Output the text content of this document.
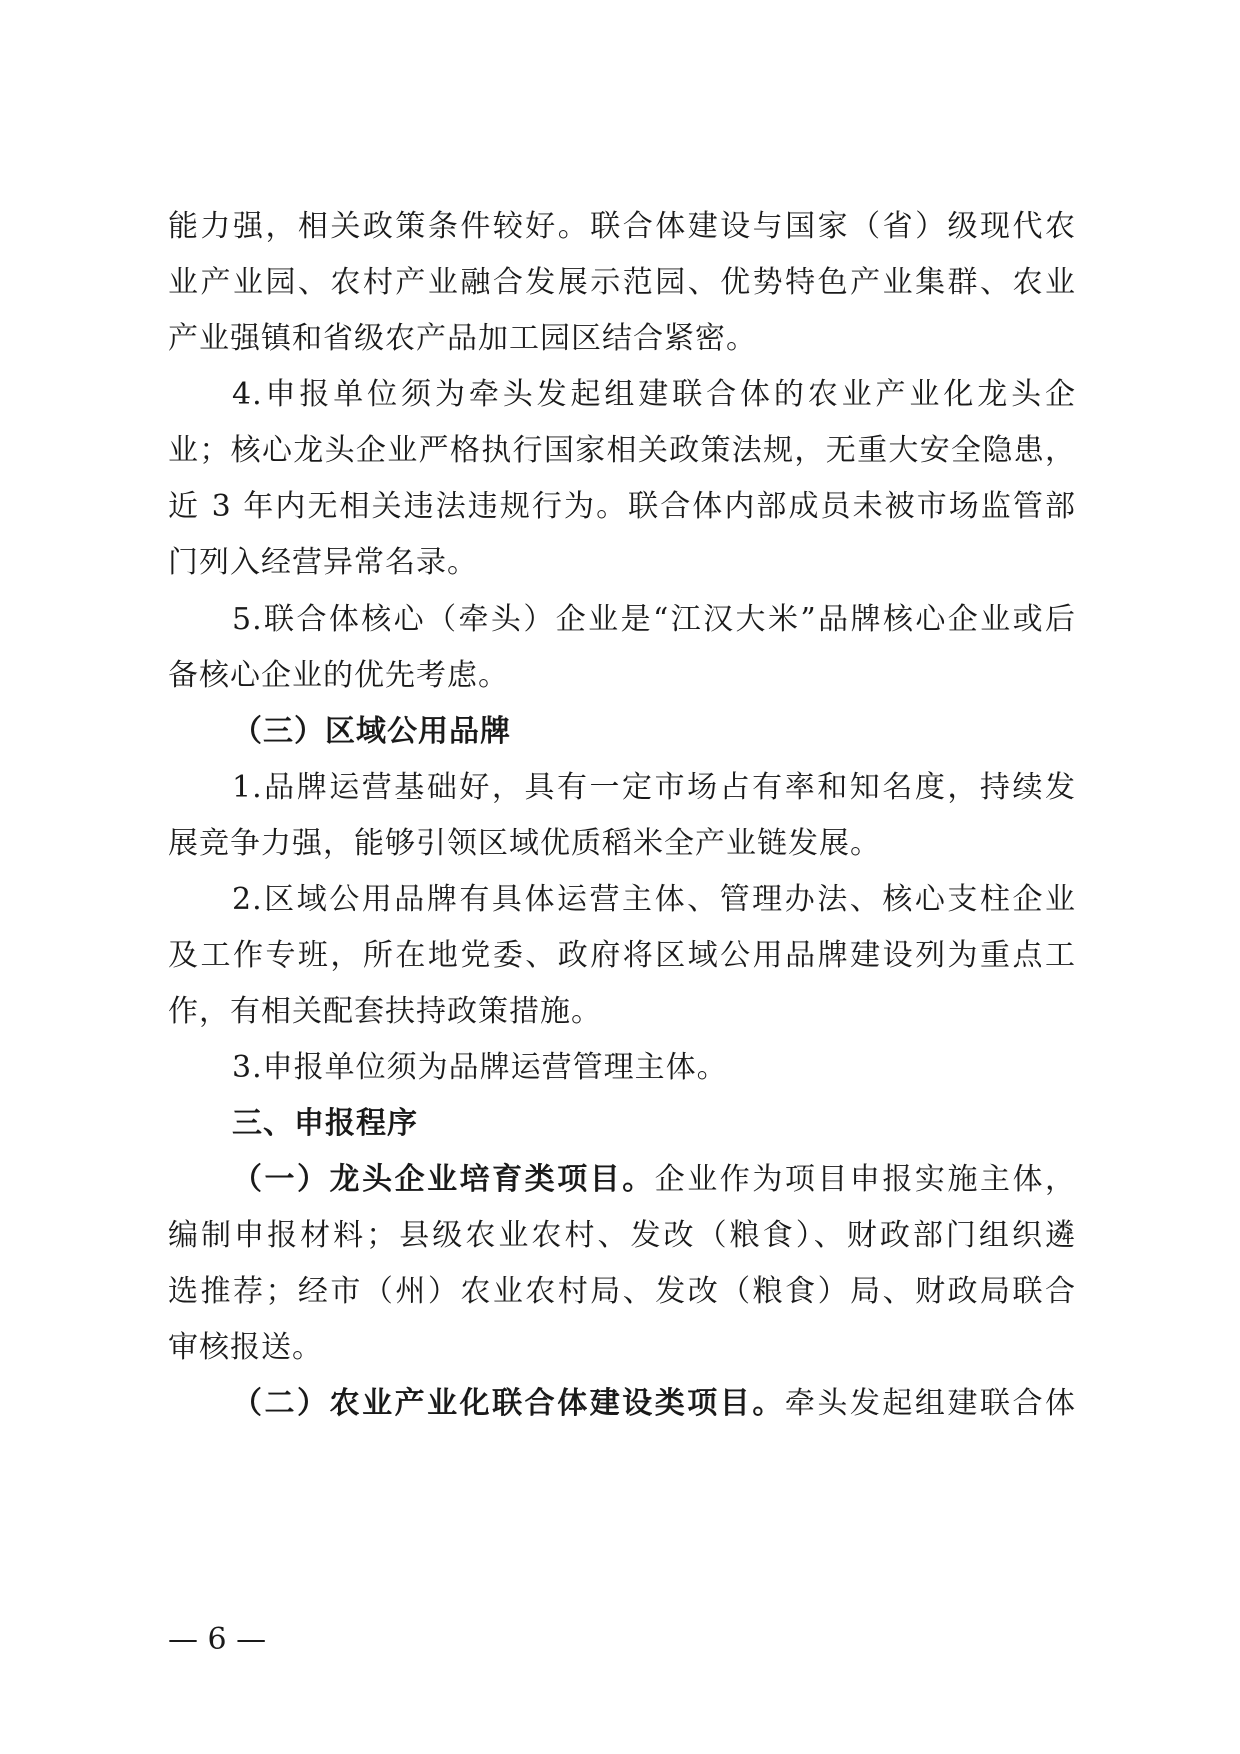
能力强，相关政策条件较好。联合体建设与国家（省）级现代农
业产业园、农村产业融合发展示范园、优势特色产业集群、农业
产业强镇和省级农产品加工园区结合紧密。
4.申报单位须为牵头发起组建联合体的农业产业化龙头企
业；核心龙头企业严格执行国家相关政策法规，无重大安全隐患，
近 3 年内无相关违法违规行为。联合体内部成员未被市场监管部
门列入经营异常名录。
5.联合体核心（牵头）企业是“江汉大米”品牌核心企业或后
备核心企业的优先考虑。
（三）区域公用品牌
1.品牌运营基础好，具有一定市场占有率和知名度，持续发
展竞争力强，能够引领区域优质稻米全产业链发展。
2.区域公用品牌有具体运营主体、管理办法、核心支柱企业
及工作专班，所在地党委、政府将区域公用品牌建设列为重点工
作，有相关配套扶持政策措施。
3.申报单位须为品牌运营管理主体。
三、申报程序
（一）龙头企业培育类项目。企业作为项目申报实施主体，
编制申报材料；县级农业农村、发改（粮食）、财政部门组织遴
选推荐；经市（州）农业农村局、发改（粮食）局、财政局联合
审核报送。
（二）农业产业化联合体建设类项目。牵头发起组建联合体
— 6 —
